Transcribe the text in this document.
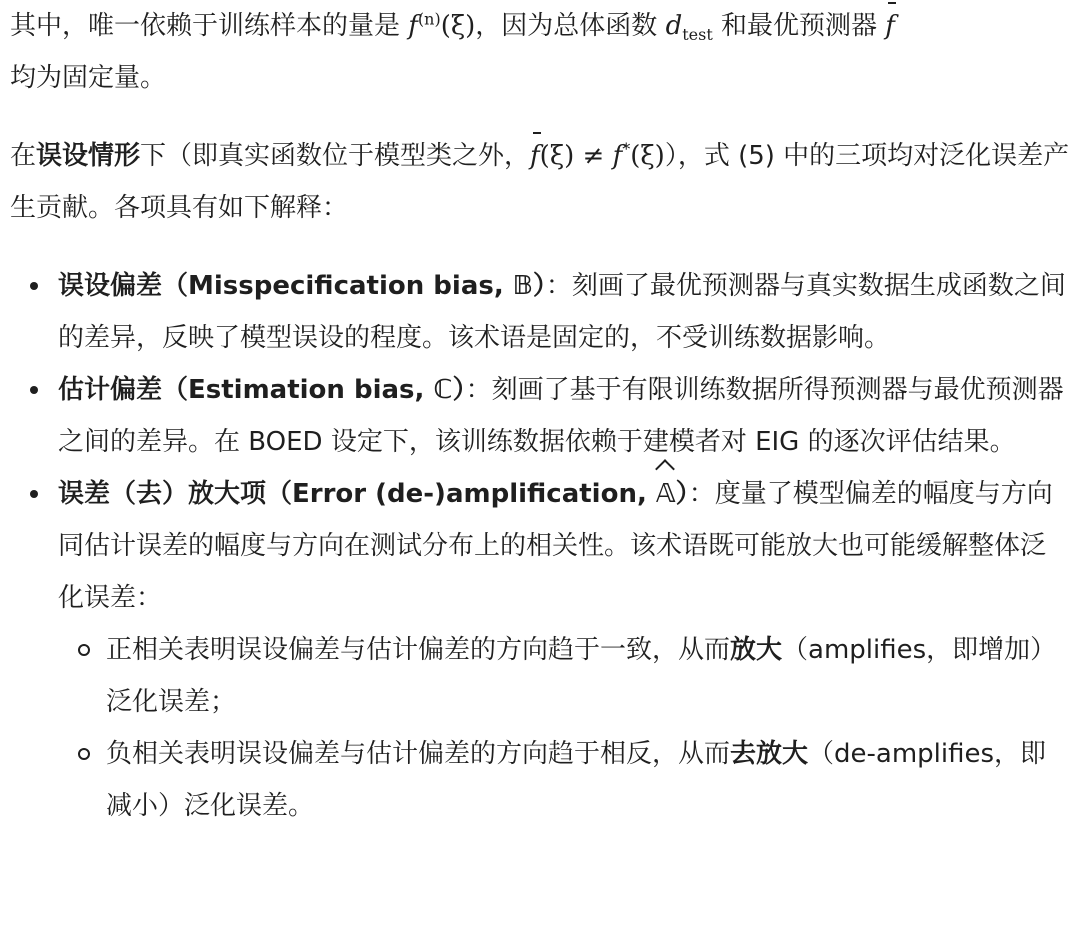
其中，唯一依赖于训练样本的量是 $f^{(n)}(\xi)$，因为总体函数 $d_{test}$ 和最优预测器 f
均为固定量。

在误设情形下（即真实函数位于模型类之外，f(ξ) ≠ f*(ξ)），式 (5) 中的三项均对泛化误差产生贡献。各项具有如下解释：

误设偏差（Misspecification bias, 𝔹）：刻画了最优预测器与真实数据生成函数之间的差异，反映了模型误设的程度。该术语是固定的，不受训练数据影响。
估计偏差（Estimation bias, ℂ）：刻画了基于有限训练数据所得预测器与最优预测器之间的差异。在 BOED 设定下，该训练数据依赖于建模者对 EIG 的逐次评估结果。
误差（去）放大项（Error (de-)amplification, 𝔸）：度量了模型偏差的幅度与方向同估计误差的幅度与方向在测试分布上的相关性。该术语既可能放大也可能缓解整体泛化误差：
正相关表明误设偏差与估计偏差的方向趋于一致，从而放大（amplifies，即增加）泛化误差；
负相关表明误设偏差与估计偏差的方向趋于相反，从而去放大（de-amplifies，即减小）泛化误差。
